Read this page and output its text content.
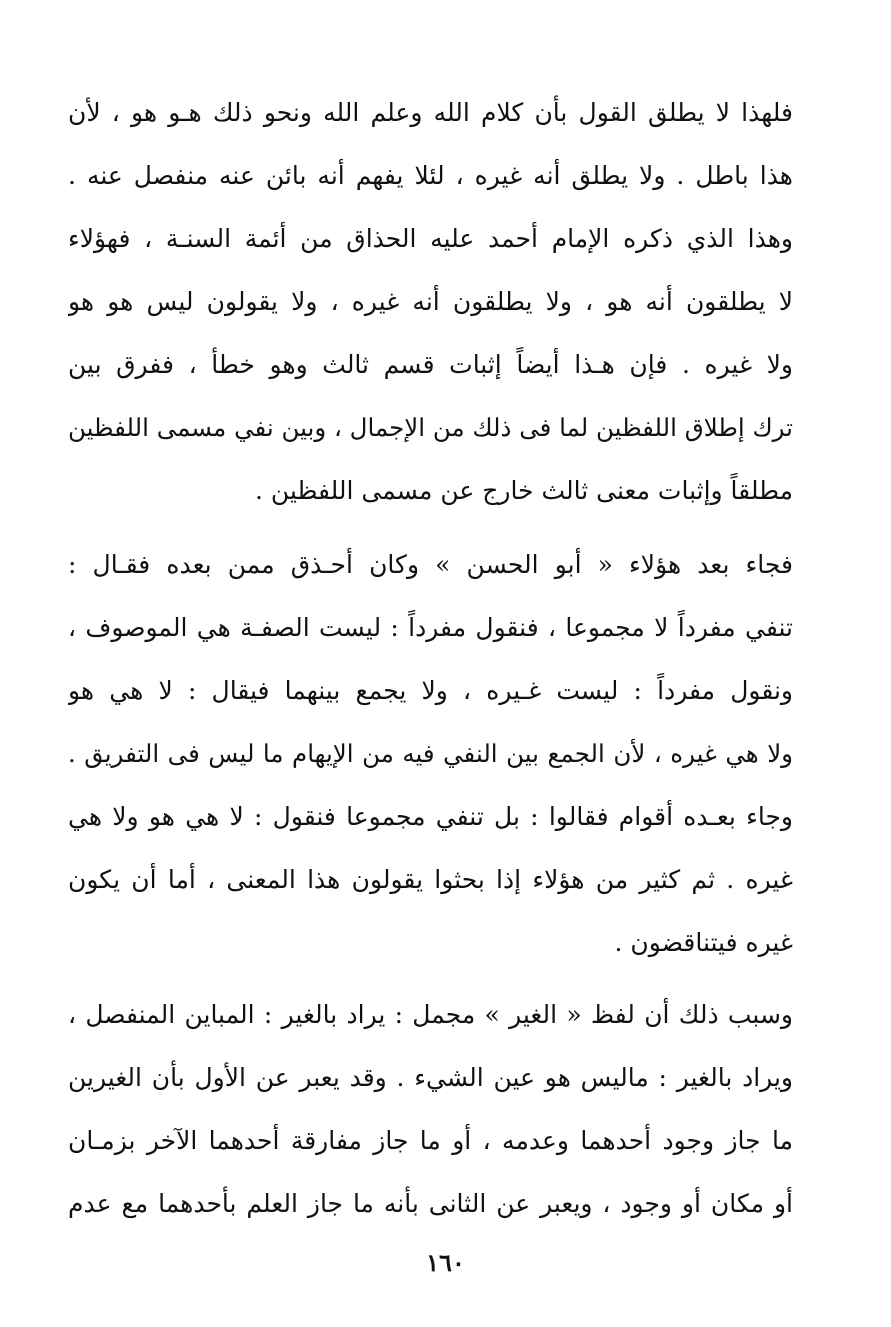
فلهذا لا يطلق القول بأن كلام الله وعلم الله ونحو ذلك هـو هو ، لأن
هذا باطل . ولا يطلق أنه غيره ، لئلا يفهم أنه بائن عنه منفصل عنه .
وهذا الذي ذكره الإمام أحمد عليه الحذاق من أئمة السنـة ، فهؤلاء
لا يطلقون أنه هو ، ولا يطلقون أنه غيره ، ولا يقولون ليس هو هو
ولا غيره . فإن هـذا أيضاً إثبات قسم ثالث وهو خطأ ، ففرق بين
ترك إطلاق اللفظين لما فى ذلك من الإجمال ، وبين نفي مسمى اللفظين
مطلقاً وإثبات معنى ثالث خارج عن مسمى اللفظين .
فجاء بعد هؤلاء « أبو الحسن » وكان أحـذق ممن بعده فقـال :
تنفي مفرداً لا مجموعا ، فنقول مفرداً : ليست الصفـة هي الموصوف ،
ونقول مفرداً : ليست غـيره ، ولا يجمع بينهما فيقال : لا هي هو
ولا هي غيره ، لأن الجمع بين النفي فيه من الإيهام ما ليس فى التفريق .
وجاء بعـده أقوام فقالوا : بل تنفي مجموعا فنقول : لا هي هو ولا هي
غيره . ثم كثير من هؤلاء إذا بحثوا يقولون هذا المعنى ، أما أن يكون
غيره فيتناقضون .
وسبب ذلك أن لفظ « الغير » مجمل : يراد بالغير : المباين المنفصل ،
ويراد بالغير : ماليس هو عين الشيء . وقد يعبر عن الأول بأن الغيرين
ما جاز وجود أحدهما وعدمه ، أو ما جاز مفارقة أحدهما الآخر بزمـان
أو مكان أو وجود ، ويعبر عن الثانى بأنه ما جاز العلم بأحدهما مع عدم
١٦٠
